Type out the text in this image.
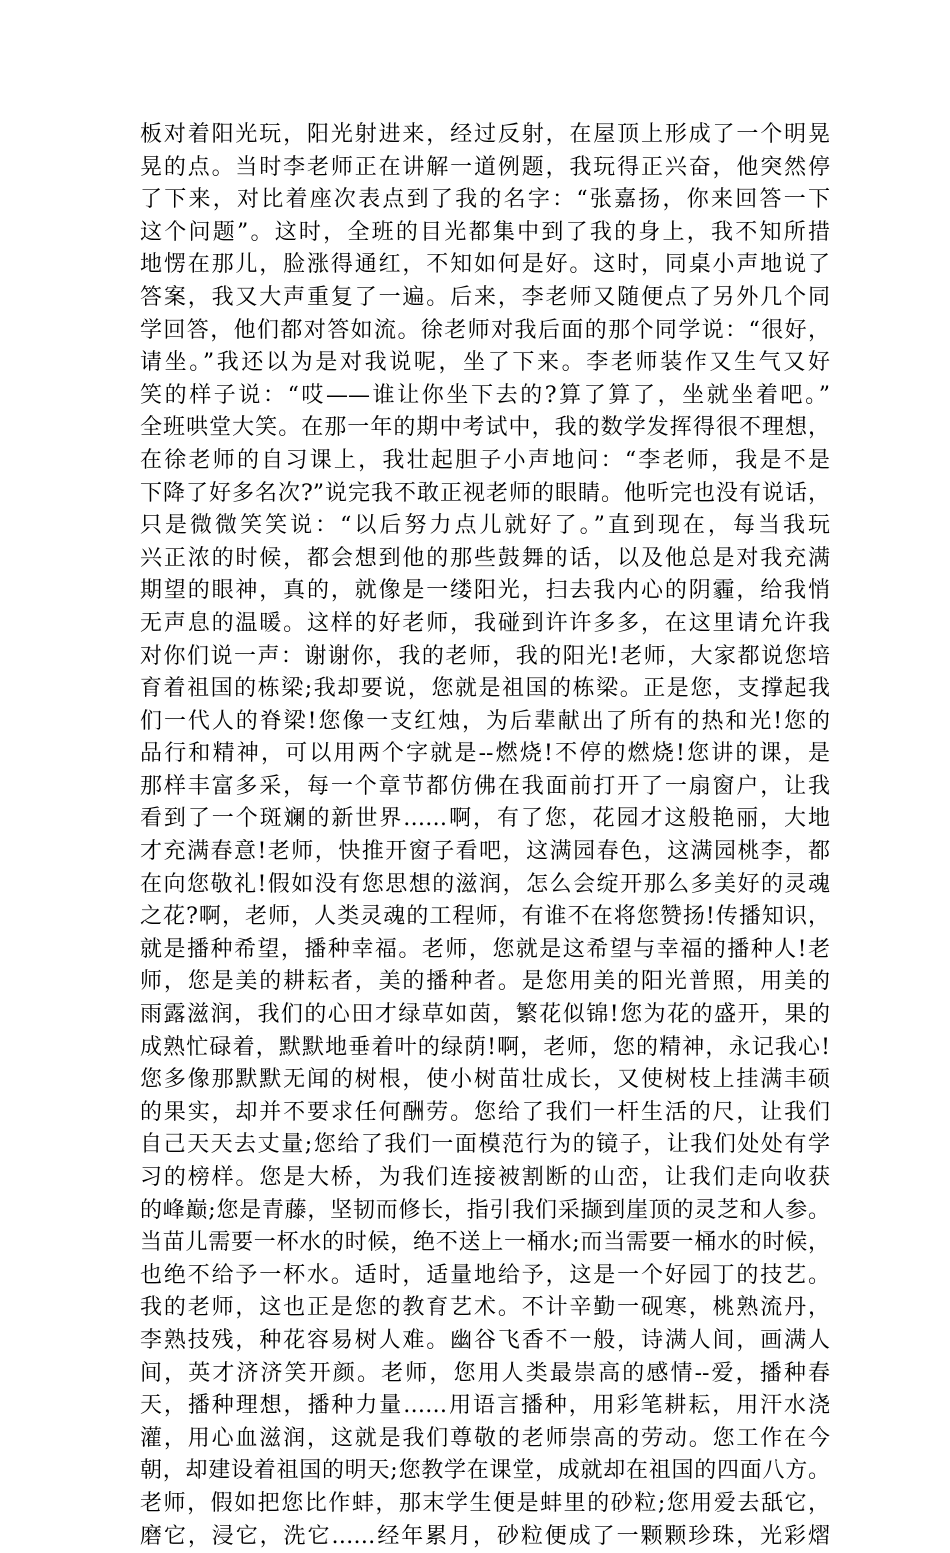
板对着阳光玩，阳光射进来，经过反射，在屋顶上形成了一个明晃
晃的点。当时李老师正在讲解一道例题，我玩得正兴奋，他突然停
了下来，对比着座次表点到了我的名字：“张嘉扬，你来回答一下
这个问题”。这时，全班的目光都集中到了我的身上，我不知所措
地愣在那儿，脸涨得通红，不知如何是好。这时，同桌小声地说了
答案，我又大声重复了一遍。后来，李老师又随便点了另外几个同
学回答，他们都对答如流。徐老师对我后面的那个同学说：“很好，
请坐。”我还以为是对我说呢，坐了下来。李老师装作又生气又好
笑的样子说：“哎——谁让你坐下去的?算了算了，坐就坐着吧。”
全班哄堂大笑。在那一年的期中考试中，我的数学发挥得很不理想，
在徐老师的自习课上，我壮起胆子小声地问：“李老师，我是不是
下降了好多名次?”说完我不敢正视老师的眼睛。他听完也没有说话，
只是微微笑笑说：“以后努力点儿就好了。”直到现在，每当我玩
兴正浓的时候，都会想到他的那些鼓舞的话，以及他总是对我充满
期望的眼神，真的，就像是一缕阳光，扫去我内心的阴霾，给我悄
无声息的温暖。这样的好老师，我碰到许许多多，在这里请允许我
对你们说一声：谢谢你，我的老师，我的阳光!老师，大家都说您培
育着祖国的栋梁;我却要说，您就是祖国的栋梁。正是您，支撑起我
们一代人的脊梁!您像一支红烛，为后辈献出了所有的热和光!您的
品行和精神，可以用两个字就是--燃烧!不停的燃烧!您讲的课，是
那样丰富多采，每一个章节都仿佛在我面前打开了一扇窗户，让我
看到了一个斑斓的新世界……啊，有了您，花园才这般艳丽，大地
才充满春意!老师，快推开窗子看吧，这满园春色，这满园桃李，都
在向您敬礼!假如没有您思想的滋润，怎么会绽开那么多美好的灵魂
之花?啊，老师，人类灵魂的工程师，有谁不在将您赞扬!传播知识，
就是播种希望，播种幸福。老师，您就是这希望与幸福的播种人!老
师，您是美的耕耘者，美的播种者。是您用美的阳光普照，用美的
雨露滋润，我们的心田才绿草如茵，繁花似锦!您为花的盛开，果的
成熟忙碌着，默默地垂着叶的绿荫!啊，老师，您的精神，永记我心!
您多像那默默无闻的树根，使小树苗壮成长，又使树枝上挂满丰硕
的果实，却并不要求任何酬劳。您给了我们一杆生活的尺，让我们
自己天天去丈量;您给了我们一面模范行为的镜子，让我们处处有学
习的榜样。您是大桥，为我们连接被割断的山峦，让我们走向收获
的峰巅;您是青藤，坚韧而修长，指引我们采撷到崖顶的灵芝和人参。
当苗儿需要一杯水的时候，绝不送上一桶水;而当需要一桶水的时候，
也绝不给予一杯水。适时，适量地给予，这是一个好园丁的技艺。
我的老师，这也正是您的教育艺术。不计辛勤一砚寒，桃熟流丹，
李熟技残，种花容易树人难。幽谷飞香不一般，诗满人间，画满人
间，英才济济笑开颜。老师，您用人类最崇高的感情--爱，播种春
天，播种理想，播种力量……用语言播种，用彩笔耕耘，用汗水浇
灌，用心血滋润，这就是我们尊敬的老师崇高的劳动。您工作在今
朝，却建设着祖国的明天;您教学在课堂，成就却在祖国的四面八方。
老师，假如把您比作蚌，那末学生便是蚌里的砂粒;您用爱去舐它，
磨它，浸它，洗它……经年累月，砂粒便成了一颗颗珍珠，光彩熠
